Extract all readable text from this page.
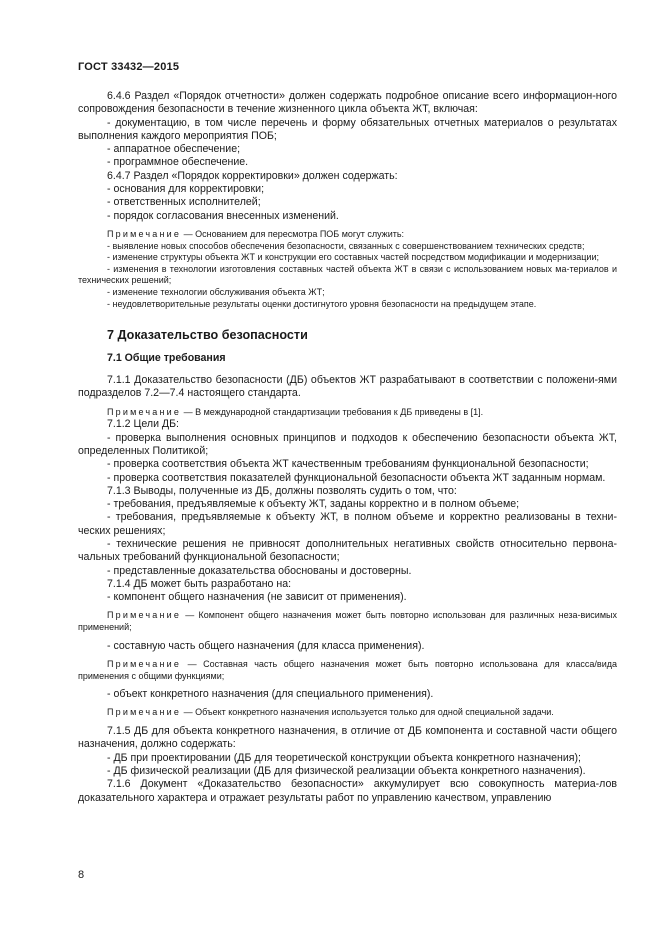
ГОСТ 33432—2015

6.4.6 Раздел «Порядок отчетности» должен содержать подробное описание всего информацион-ного сопровождения безопасности в течение жизненного цикла объекта ЖТ, включая:

- документацию, в том числе перечень и форму обязательных отчетных материалов о результатах выполнения каждого мероприятия ПОБ;

- аппаратное обеспечение;

- программное обеспечение.

6.4.7 Раздел «Порядок корректировки» должен содержать:

- основания для корректировки;

- ответственных исполнителей;

- порядок согласования внесенных изменений.

Примечание — Основанием для пересмотра ПОБ могут служить:

- выявление новых способов обеспечения безопасности, связанных с совершенствованием технических средств;

- изменение структуры объекта ЖТ и конструкции его составных частей посредством модификации и модернизации;

- изменения в технологии изготовления составных частей объекта ЖТ в связи с использованием новых ма-териалов и технических решений;

- изменение технологии обслуживания объекта ЖТ;

- неудовлетворительные результаты оценки достигнутого уровня безопасности на предыдущем этапе.

7 Доказательство безопасности
7.1 Общие требования

7.1.1 Доказательство безопасности (ДБ) объектов ЖТ разрабатывают в соответствии с положени-ями подразделов 7.2—7.4 настоящего стандарта.

Примечание — В международной стандартизации требования к ДБ приведены в [1].

7.1.2 Цели ДБ:

- проверка выполнения основных принципов и подходов к обеспечению безопасности объекта ЖТ, определенных Политикой;

- проверка соответствия объекта ЖТ качественным требованиям функциональной безопасности;

- проверка соответствия показателей функциональной безопасности объекта ЖТ заданным нормам.

7.1.3 Выводы, полученные из ДБ, должны позволять судить о том, что:

- требования, предъявляемые к объекту ЖТ, заданы корректно и в полном объеме;

- требования, предъявляемые к объекту ЖТ, в полном объеме и корректно реализованы в техни-ческих решениях;

- технические решения не привносят дополнительных негативных свойств относительно первона-чальных требований функциональной безопасности;

- представленные доказательства обоснованы и достоверны.

7.1.4 ДБ может быть разработано на:

- компонент общего назначения (не зависит от применения).

Примечание — Компонент общего назначения может быть повторно использован для различных неза-висимых применений;

- составную часть общего назначения (для класса применения).

Примечание — Составная часть общего назначения может быть повторно использована для класса/вида применения с общими функциями;

- объект конкретного назначения (для специального применения).

Примечание — Объект конкретного назначения используется только для одной специальной задачи.

7.1.5 ДБ для объекта конкретного назначения, в отличие от ДБ компонента и составной части общего назначения, должно содержать:

- ДБ при проектировании (ДБ для теоретической конструкции объекта конкретного назначения);

- ДБ физической реализации (ДБ для физической реализации объекта конкретного назначения).

7.1.6 Документ «Доказательство безопасности» аккумулирует всю совокупность материа-лов доказательного характера и отражает результаты работ по управлению качеством, управлению

8
